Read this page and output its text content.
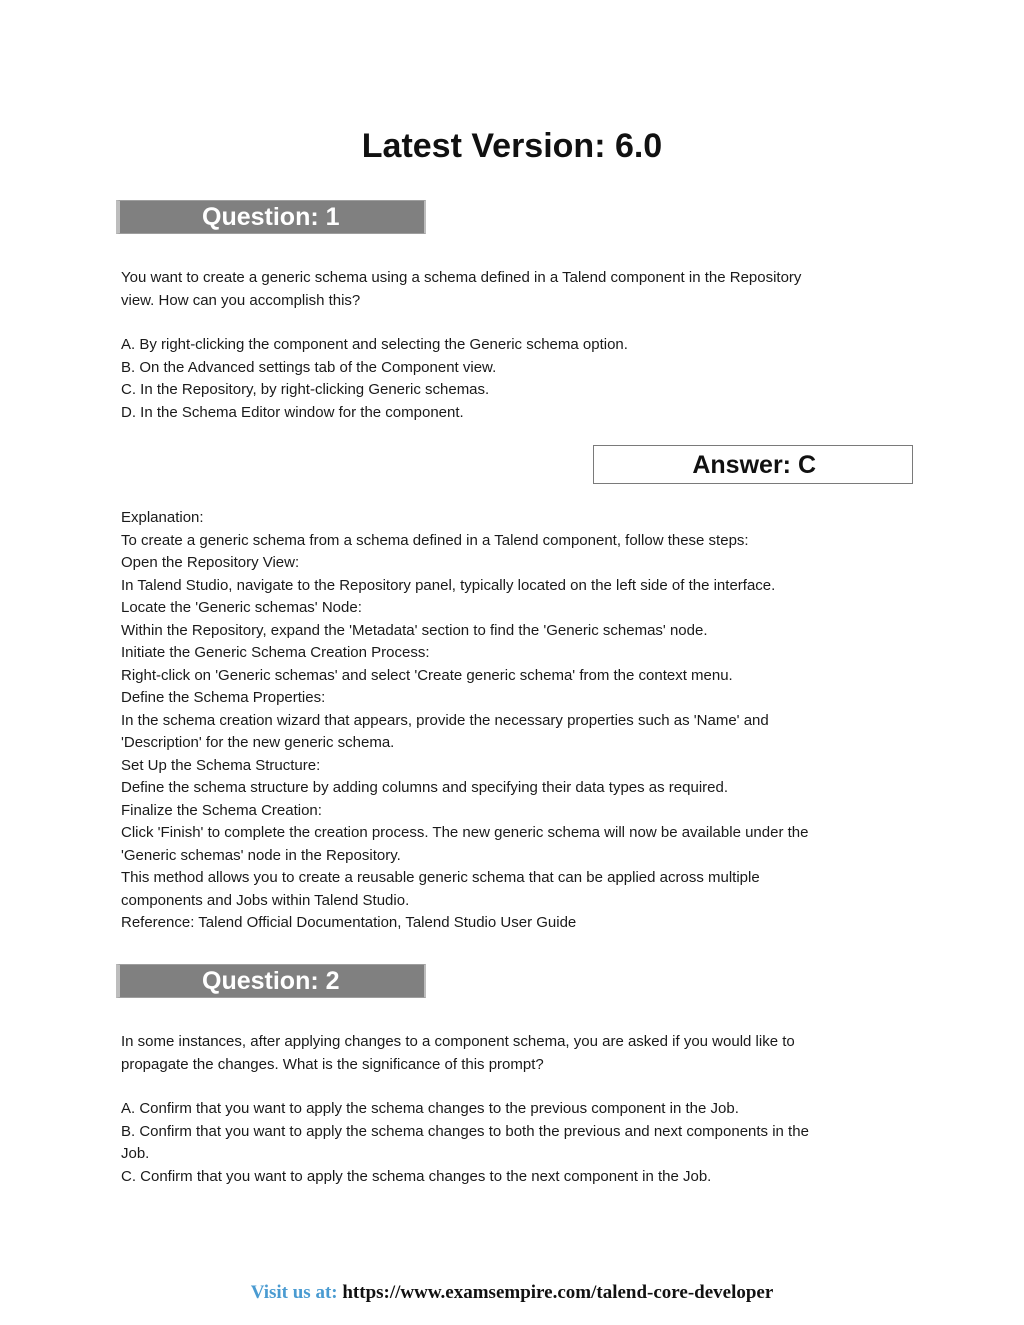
Latest Version: 6.0
Question: 1

You want to create a generic schema using a schema defined in a Talend component in the Repository

view. How can you accomplish this?

A. By right-clicking the component and selecting the Generic schema option.

B. On the Advanced settings tab of the Component view.

C. In the Repository, by right-clicking Generic schemas.

D. In the Schema Editor window for the component.

Answer: C

Explanation:

To create a generic schema from a schema defined in a Talend component, follow these steps:

Open the Repository View:

In Talend Studio, navigate to the Repository panel, typically located on the left side of the interface.

Locate the 'Generic schemas' Node:

Within the Repository, expand the 'Metadata' section to find the 'Generic schemas' node.

Initiate the Generic Schema Creation Process:

Right-click on 'Generic schemas' and select 'Create generic schema' from the context menu.

Define the Schema Properties:

In the schema creation wizard that appears, provide the necessary properties such as 'Name' and

'Description' for the new generic schema.

Set Up the Schema Structure:

Define the schema structure by adding columns and specifying their data types as required.

Finalize the Schema Creation:

Click 'Finish' to complete the creation process. The new generic schema will now be available under the

'Generic schemas' node in the Repository.

This method allows you to create a reusable generic schema that can be applied across multiple

components and Jobs within Talend Studio.

Reference: Talend Official Documentation, Talend Studio User Guide

Question: 2

In some instances, after applying changes to a component schema, you are asked if you would like to

propagate the changes. What is the significance of this prompt?

A. Confirm that you want to apply the schema changes to the previous component in the Job.

B. Confirm that you want to apply the schema changes to both the previous and next components in the

Job.

C. Confirm that you want to apply the schema changes to the next component in the Job.

Visit us at: https://www.examsempire.com/talend-core-developer
